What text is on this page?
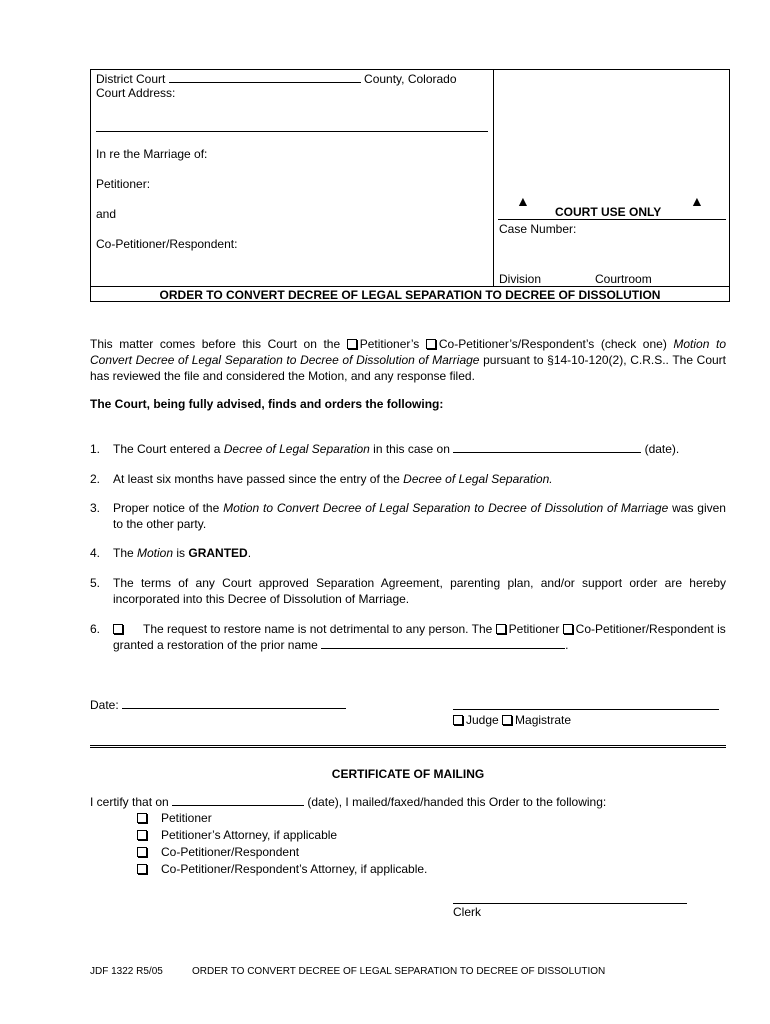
District Court	County, Colorado
Court Address:
In re the Marriage of:
Petitioner:
and
Co-Petitioner/Respondent:
▲
COURT USE ONLY
▲
Case Number:
Division	Courtroom
ORDER TO CONVERT DECREE OF LEGAL SEPARATION TO DECREE OF DISSOLUTION
This matter comes before this Court on the Petitioner’s Co-Petitioner’s/Respondent’s (check one) Motion to Convert Decree of Legal Separation to Decree of Dissolution of Marriage pursuant to §14-10-120(2), C.R.S.. The Court has reviewed the file and considered the Motion, and any response filed.
The Court, being fully advised, finds and orders the following:
1.	The Court entered a Decree of Legal Separation in this case on	(date).
2.	At least six months have passed since the entry of the Decree of Legal Separation.
3.	Proper notice of the Motion to Convert Decree of Legal Separation to Decree of Dissolution of Marriage was given to the other party.
4.	The Motion is GRANTED.
5.	The terms of any Court approved Separation Agreement, parenting plan, and/or support order are hereby incorporated into this Decree of Dissolution of Marriage.
6.	The request to restore name is not detrimental to any person. The Petitioner Co-Petitioner/Respondent is granted a restoration of the prior name	.
Date:
Judge Magistrate
CERTIFICATE OF MAILING
I certify that on	(date), I mailed/faxed/handed this Order to the following:
Petitioner
Petitioner’s Attorney, if applicable
Co-Petitioner/Respondent
Co-Petitioner/Respondent’s Attorney, if applicable.
Clerk
JDF 1322 R5/05	ORDER TO CONVERT DECREE OF LEGAL SEPARATION TO DECREE OF DISSOLUTION
